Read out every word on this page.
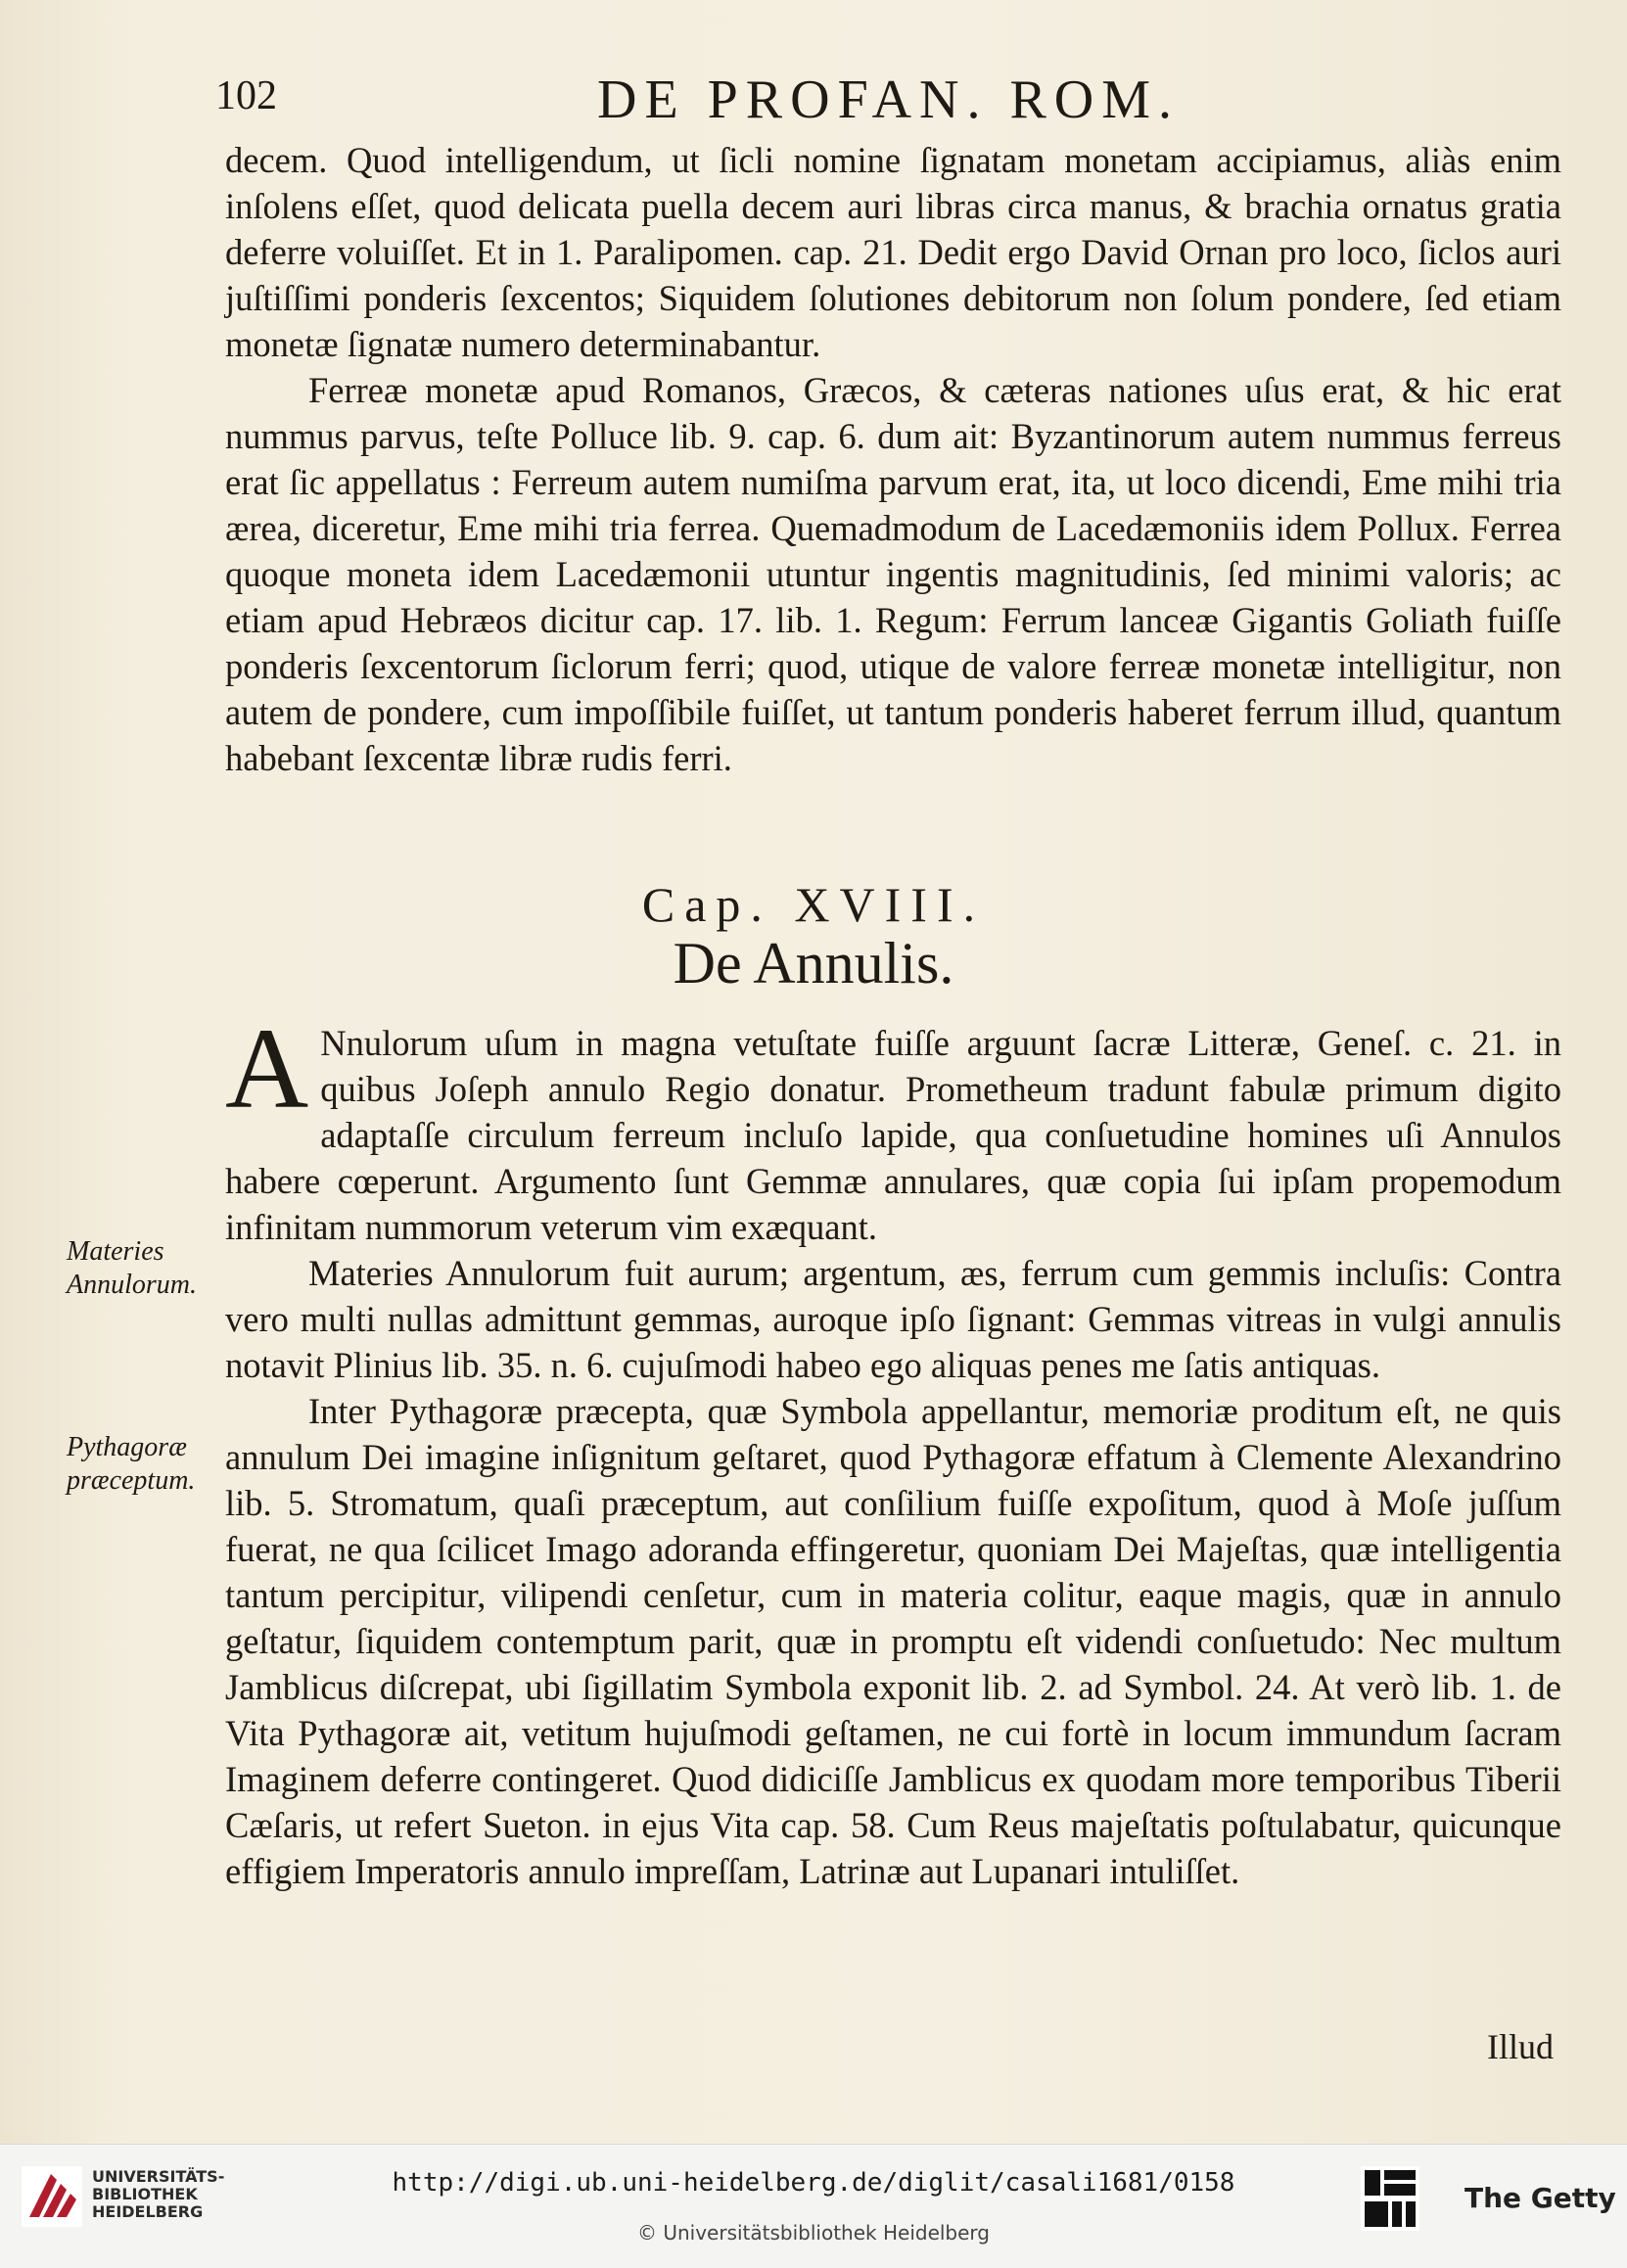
102	DE PROFAN. ROM.

decem. Quod intelligendum, ut ſicli nomine ſignatam monetam accipiamus, aliàs enim inſolens eſſet, quod delicata puella decem auri libras circa manus, & brachia ornatus gratia deferre voluiſſet. Et in 1. Paralipomen. cap. 21. Dedit ergo David Ornan pro loco, ſiclos auri juſtiſſimi ponderis ſexcentos; Siquidem ſolutiones debitorum non ſolum pondere, ſed etiam monetæ ſignatæ numero determinabantur.

Ferreæ monetæ apud Romanos, Græcos, & cæteras nationes uſus erat, & hic erat nummus parvus, teſte Polluce lib. 9. cap. 6. dum ait: Byzantinorum autem nummus ferreus erat ſic appellatus : Ferreum autem numiſma parvum erat, ita, ut loco dicendi, Eme mihi tria ærea, diceretur, Eme mihi tria ferrea. Quemadmodum de Lacedæmoniis idem Pollux. Ferrea quoque moneta idem Lacedæmonii utuntur ingentis magnitudinis, ſed minimi valoris; ac etiam apud Hebræos dicitur cap. 17. lib. 1. Regum: Ferrum lanceæ Gigantis Goliath fuiſſe ponderis ſexcentorum ſiclorum ferri; quod, utique de valore ferreæ monetæ intelligitur, non autem de pondere, cum impoſſibile fuiſſet, ut tantum ponderis haberet ferrum illud, quantum habebant ſexcentæ libræ rudis ferri.

Cap. XVIII.
De Annulis.

A Nnulorum uſum in magna vetuſtate fuiſſe arguunt ſacræ Litteræ, Geneſ. c. 21. in quibus Joſeph annulo Regio donatur. Prometheum tradunt fabulæ primum digito adaptaſſe circulum ferreum incluſo lapide, qua conſuetudine homines uſi Annulos habere cœperunt. Argumento ſunt Gemmæ annulares, quæ copia ſui ipſam propemodum infinitam nummorum veterum vim exæquant.

Materies Annulorum fuit aurum; argentum, æs, ferrum cum gemmis incluſis: Contra vero multi nullas admittunt gemmas, auroque ipſo ſignant: Gemmas vitreas in vulgi annulis notavit Plinius lib. 35. n. 6. cujuſmodi habeo ego aliquas penes me ſatis antiquas.

Inter Pythagoræ præcepta, quæ Symbola appellantur, memoriæ proditum eſt, ne quis annulum Dei imagine inſignitum geſtaret, quod Pythagoræ effatum à Clemente Alexandrino lib. 5. Stromatum, quaſi præceptum, aut conſilium fuiſſe expoſitum, quod à Moſe juſſum fuerat, ne qua ſcilicet Imago adoranda effingeretur, quoniam Dei Majeſtas, quæ intelligentia tantum percipitur, vilipendi cenſetur, cum in materia colitur, eaque magis, quæ in annulo geſtatur, ſiquidem contemptum parit, quæ in promptu eſt videndi conſuetudo: Nec multum Jamblicus diſcrepat, ubi ſigillatim Symbola exponit lib. 2. ad Symbol. 24. At verò lib. 1. de Vita Pythagoræ ait, vetitum hujuſmodi geſtamen, ne cui fortè in locum immundum ſacram Imaginem deferre contingeret. Quod didiciſſe Jamblicus ex quodam more temporibus Tiberii Cæſaris, ut refert Sueton. in ejus Vita cap. 58. Cum Reus majeſtatis poſtulabatur, quicunque effigiem Imperatoris annulo impreſſam, Latrinæ aut Lupanari intuliſſet.

Materies Annulorum.
Pythagoræ præceptum.
Illud
UNIVERSITÄTS-
BIBLIOTHEK
HEIDELBERG
http://digi.ub.uni-heidelberg.de/diglit/casali1681/0158
© Universitätsbibliothek Heidelberg
The Getty
